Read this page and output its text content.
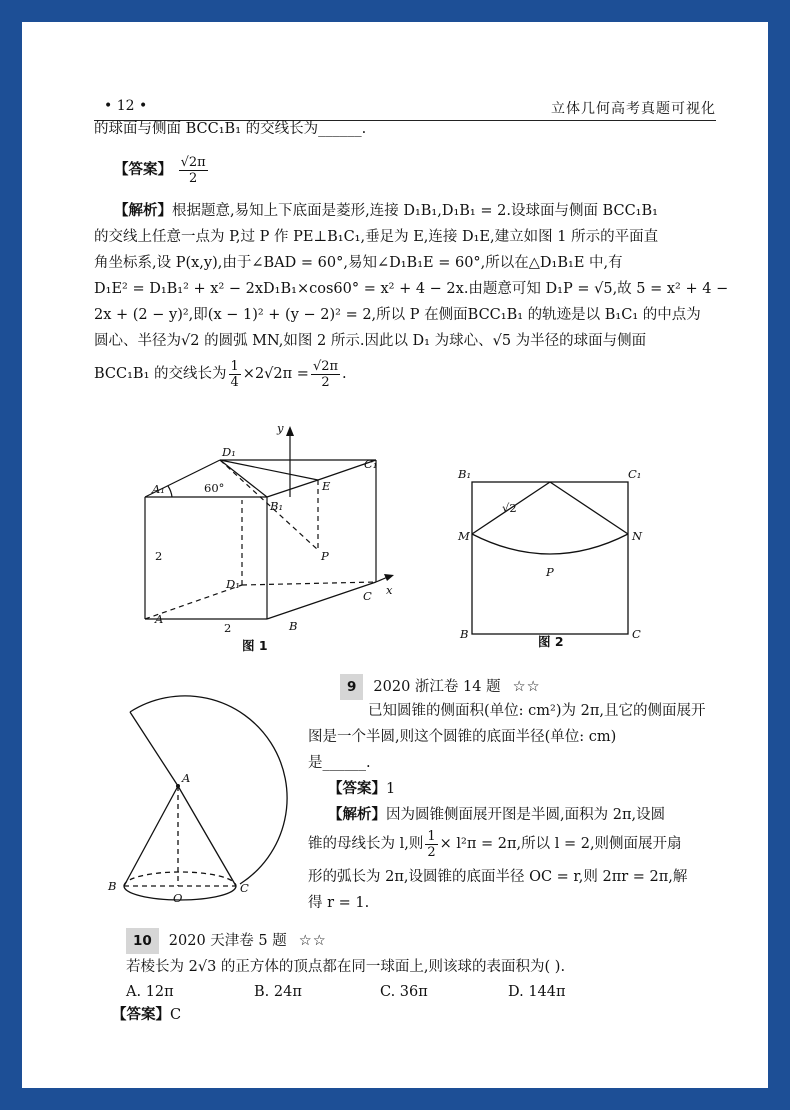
• 12 •	立体几何高考真题可视化
的球面与侧面 BCC₁B₁ 的交线长为______.
【答案】 $\frac{√2\pi}{2}$
【解析】根据题意,易知上下底面是菱形,连接 D₁B₁,D₁B₁ = 2.设球面与侧面 BCC₁B₁
的交线上任意一点为 P,过 P 作 PE⊥B₁C₁,垂足为 E,连接 D₁E,建立如图 1 所示的平面直
角坐标系,设 P(x,y),由于∠BAD = 60°,易知∠D₁B₁E = 60°,所以在△D₁B₁E 中,有
D₁E² = D₁B₁² + x² − 2xD₁B₁×cos60° = x² + 4 − 2x.由题意可知 D₁P = √5,故 5 = x² + 4 −
2x + (2 − y)²,即(x − 1)² + (y − 2)² = 2,所以 P 在侧面BCC₁B₁ 的轨迹是以 B₁C₁ 的中点为
圆心、半径为√2 的圆弧 MN,如图 2 所示.因此以 D₁ 为球心、√5 为半径的球面与侧面
BCC₁B₁ 的交线长为 $\frac{1}{4} \times 2√2\pi = \frac{√2\pi}{2}$ .
y
x
D₁
C₁
A₁	60°
B₁
E
P
D₁
C
A	B
2
2
图 1
B₁	C₁
√2
M	N
P
B	C
图 2
9 2020 浙江卷 14 题 ☆☆
已知圆锥的侧面积(单位: cm²)为 2π,且它的侧面展开
图是一个半圆,则这个圆锥的底面半径(单位: cm)
是______.
【答案】1
【解析】因为圆锥侧面展开图是半圆,面积为 2π,设圆
锥的母线长为 l,则 $\frac{1}{2} \times l^2\pi = 2\pi$,所以 l = 2,则侧面展开扇
形的弧长为 2π,设圆锥的底面半径 OC = r,则 2πr = 2π,解
得 r = 1.
A
B
O
C
10 2020 天津卷 5 题 ☆☆
若棱长为 2√3 的正方体的顶点都在同一球面上,则该球的表面积为( ).
A. 12π	B. 24π	C. 36π	D. 144π
【答案】C
